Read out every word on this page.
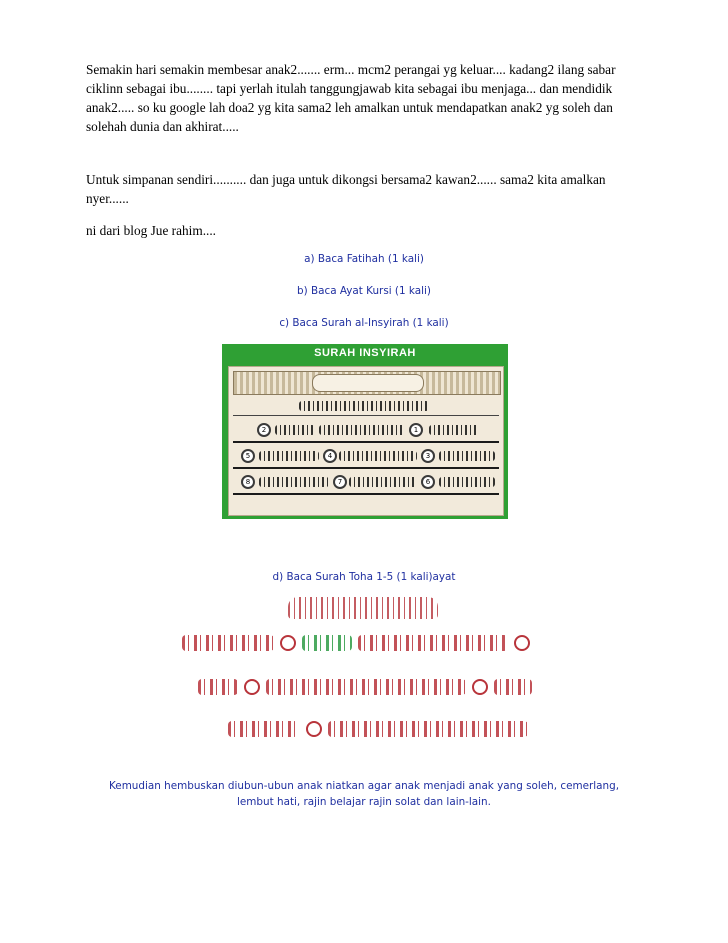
Semakin hari semakin membesar anak2....... erm... mcm2 perangai yg keluar.... kadang2 ilang sabar ciklinn sebagai ibu........ tapi yerlah itulah tanggungjawab kita sebagai ibu menjaga... dan mendidik anak2..... so ku google lah doa2 yg kita sama2 leh amalkan untuk mendapatkan anak2 yg soleh dan solehah dunia dan akhirat.....

Untuk simpanan sendiri.......... dan juga untuk dikongsi bersama2 kawan2...... sama2 kita amalkan nyer......

ni dari blog Jue rahim....

a) Baca Fatihah (1 kali)

b) Baca Ayat Kursi (1 kali)

c) Baca Surah al-Insyirah (1 kali)

SURAH INSYIRAH
1
2
3
4
5
6
7
8

d) Baca Surah Toha 1-5 (1 kali)ayat

Kemudian hembuskan diubun-ubun anak niatkan agar anak menjadi anak yang soleh, cemerlang, lembut hati, rajin belajar rajin solat dan lain-lain.
